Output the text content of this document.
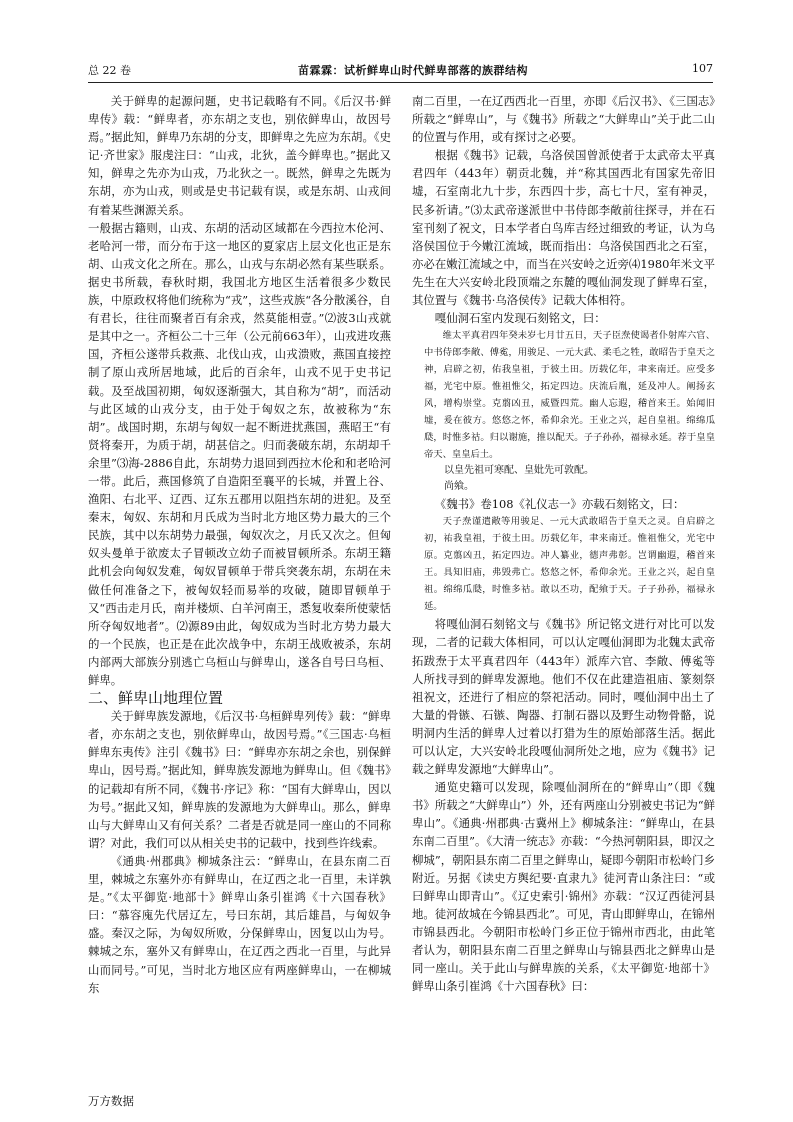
总 22 卷	苗霖霖：试析鲜卑山时代鲜卑部落的族群结构	107

关于鲜卑的起源问题，史书记载略有不同。《后汉书·鲜卑传》载：“鲜卑者，亦东胡之支也，别依鲜卑山，故因号焉。”据此知，鲜卑乃东胡的分支，即鲜卑之先应为东胡。《史记·齐世家》服虔注曰：“山戎，北狄，盖今鲜卑也。”据此又知，鲜卑之先亦为山戎，乃北狄之一。既然，鲜卑之先既为东胡，亦为山戎，则或是史书记载有误，或是东胡、山戎间有着某些渊源关系。

一般据古籍则，山戎、东胡的活动区域都在今西拉木伦河、老哈河一带，而分布于这一地区的夏家店上层文化也正是东胡、山戎文化之所在。那么，山戎与东胡必然有某些联系。据史书所载，春秋时期，我国北方地区生活着很多少数民族，中原政权将他们统称为“戎”，这些戎族“各分散溪谷，自有君长，往往而聚者百有余戎，然莫能相壹。”⑵波3山戎就是其中之一。齐桓公二十三年（公元前663年），山戎进攻燕国，齐桓公遂带兵救燕、北伐山戎，山戎溃败，燕国直接控制了原山戎所居地域，此后的百余年，山戎不见于史书记载。及至战国初期，匈奴逐渐强大，其自称为“胡”，而活动与此区域的山戎分支，由于处于匈奴之东，故被称为“东胡”。战国时期，东胡与匈奴一起不断进扰燕国，燕昭王“有贤将秦开，为质于胡，胡甚信之。归而袭破东胡，东胡却千余里”⑶海-2886自此，东胡势力退回到西拉木伦和和老哈河一带。此后，燕国修筑了自造阳至襄平的长城，并置上谷、渔阳、右北平、辽西、辽东五郡用以阻挡东胡的进犯。及至秦末，匈奴、东胡和月氏成为当时北方地区势力最大的三个民族，其中以东胡势力最强，匈奴次之，月氏又次之。但匈奴头曼单于欲废太子冒顿改立幼子而被冒顿所杀。东胡王籍此机会向匈奴发难，匈奴冒顿单于带兵突袭东胡，东胡在未做任何准备之下，被匈奴轻而易举的攻破，随即冒顿单于又“西击走月氏，南并楼烦、白羊河南王，悉复收秦所使蒙恬所夺匈奴地者”。⑵源89由此，匈奴成为当时北方势力最大的一个民族，也正是在此次战争中，东胡王战败被杀，东胡内部两大部族分别逃亡乌桓山与鲜卑山，遂各自号曰乌桓、鲜卑。

二、鲜卑山地理位置

关于鲜卑族发源地，《后汉书·乌桓鲜卑列传》载：“鲜卑者，亦东胡之支也，别依鲜卑山，故因号焉。”《三国志·乌桓鲜卑东夷传》注引《魏书》曰：“鲜卑亦东胡之余也，别保鲜卑山，因号焉。”据此知，鲜卑族发源地为鲜卑山。但《魏书》的记载却有所不同，《魏书·序记》称：“国有大鲜卑山，因以为号。”据此又知，鲜卑族的发源地为大鲜卑山。那么，鲜卑山与大鲜卑山又有何关系？二者是否就是同一座山的不同称谓？对此，我们可以从相关史书的记载中，找到些许线索。

《通典·州郡典》柳城条注云：“鲜卑山，在县东南二百里，棘城之东塞外亦有鲜卑山，在辽西之北一百里，未详孰是。”《太平御览·地部十》鲜卑山条引崔鸿《十六国春秋》曰：“慕容廆先代居辽左，号曰东胡，其后雄昌，与匈奴争盛。秦汉之际，为匈奴所败，分保鲜卑山，因复以山为号。棘城之东，塞外又有鲜卑山，在辽西之西北一百里，与此异山而同号。”可见，当时北方地区应有两座鲜卑山，一在柳城东

南二百里，一在辽西西北一百里，亦即《后汉书》、《三国志》所载之“鲜卑山”，与《魏书》所载之“大鲜卑山”关于此二山的位置与作用，或有探讨之必要。

根据《魏书》记载，乌洛侯国曾派使者于太武帝太平真君四年（443年）朝贡北魏，并“称其国西北有国家先帝旧墟，石室南北九十步，东西四十步，高七十尺，室有神灵，民多祈请。”⑶太武帝遂派世中书侍郎李敞前往探寻，并在石室刊刻了祝文，日本学者白鸟库吉经过细致的考证，认为乌洛侯国位于今嫩江流域，既而指出：乌洛侯国西北之石室，亦必在嫩江流域之中，而当在兴安岭之近旁⑷1980年米文平先生在大兴安岭北段顶端之东麓的嘎仙洞发现了鲜卑石室，其位置与《魏书·乌洛侯传》记载大体相符。

嘎仙洞石室内发现石刻铭文，曰：

维太平真君四年癸未岁七月廿五日，天子臣焘使谒者仆射库六官、中书侍郎李敞、傅㝹，用骏足、一元大武、柔毛之牲，敢昭告于皇天之神，启辟之初，佑我皇祖，于彼土田。历载亿年，聿来南迁。应受多福，光宅中原。惟祖惟父，拓定四边。庆流后胤，延及冲人。阐扬玄风，增构崇堂。克翦凶丑，威暨四荒。幽人忘遐，稽首来王。始闻旧墟，爰在彼方。悠悠之怀，希仰余光。王业之兴，起自皇祖。绵绵瓜瓞，时惟多祜。归以谢施，推以配天。子子孙孙，福禄永延。荐于皇皇帝天、皇皇后土。

以皇先祖可寒配、皇妣先可敦配。

尚飨。

《魏书》卷108《礼仪志一》亦载石刻铭文，曰：

天子焘谨遣敞等用骏足、一元大武敢昭告于皇天之灵。自启辟之初，祐我皇祖，于彼土田。历载亿年，聿来南迁。惟祖惟父，光宅中原。克翦凶丑，拓定四边。冲人纂业，德声弗彰。岂谓幽遐，稽首来王。具知旧庙，弗毁弗亡。悠悠之怀，希仰余光。王业之兴，起自皇祖。绵绵瓜瓞，时惟多祜。敢以丕功，配飨于天。子子孙孙，福禄永延。

将嘎仙洞石刻铭文与《魏书》所记铭文进行对比可以发现，二者的记载大体相同，可以认定嘎仙洞即为北魏太武帝拓跋焘于太平真君四年（443年）派库六官、李敞、傅㝹等人所找寻到的鲜卑发源地。他们不仅在此建造祖庙、篆刻祭祖祝文，还进行了相应的祭祀活动。同时，嘎仙洞中出土了大量的骨镞、石镞、陶器、打制石器以及野生动物骨骼，说明洞内生活的鲜卑人过着以打猎为生的原始部落生活。据此可以认定，大兴安岭北段嘎仙洞所处之地，应为《魏书》记载之鲜卑发源地“大鲜卑山”。

通览史籍可以发现，除嘎仙洞所在的“鲜卑山”（即《魏书》所载之“大鲜卑山”）外，还有两座山分别被史书记为“鲜卑山”。《通典·州郡典·古冀州上》柳城条注：“鲜卑山，在县东南二百里”。《大清一统志》亦载：“今热河朝阳县，即汉之柳城”，朝阳县东南二百里之鲜卑山，疑即今朝阳市松岭门乡附近。另据《读史方舆纪要·直隶九》徒河青山条注曰：“或曰鲜卑山即青山”。《辽史索引·锦州》亦载：“汉辽西徒河县地。徒河故城在今锦县西北”。可见，青山即鲜卑山，在锦州市锦县西北。今朝阳市松岭门乡正位于锦州市西北，由此笔者认为，朝阳县东南二百里之鲜卑山与锦县西北之鲜卑山是同一座山。关于此山与鲜卑族的关系，《太平御览·地部十》鲜卑山条引崔鸿《十六国春秋》曰：

万方数据
